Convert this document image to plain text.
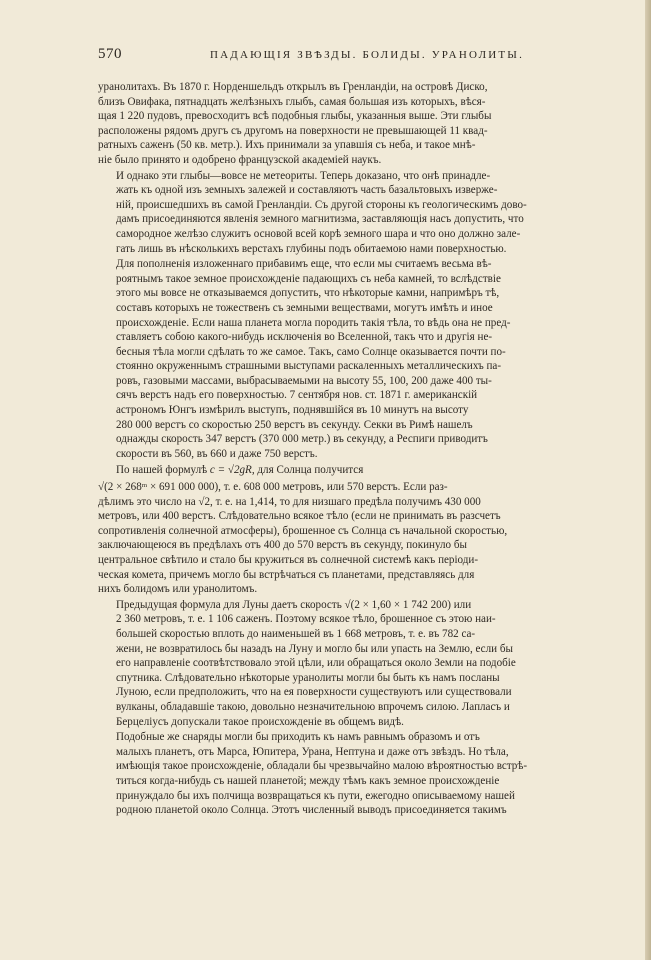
570	ПАДАЮЩІЯ ЗВѢЗДЫ. БОЛИДЫ. УРАНОЛИТЫ.
уранолитахъ. Въ 1870 г. Норденшельдъ открылъ въ Гренландіи, на островѣ Диско,
близъ Овифака, пятнадцать желѣзныхъ глыбъ, самая большая изъ которыхъ, вѣся-
щая 1 220 пудовъ, превосходитъ всѣ подобныя глыбы, указанныя выше. Эти глыбы
расположены рядомъ другъ съ другомъ на поверхности не превышающей 11 квад-
ратныхъ саженъ (50 кв. метр.). Ихъ принимали за упавшія съ неба, и такое мнѣ-
ніе было принято и одобрено французской академіей наукъ.
И однако эти глыбы—вовсе не метеориты. Теперь доказано, что онѣ принадле-
жать къ одной изъ земныхъ залежей и составляютъ часть базальтовыхъ изверже-
ній, происшедшихъ въ самой Гренландіи. Съ другой стороны къ геологическимъ дово-
дамъ присоединяются явленія земного магнитизма, заставляющія насъ допустить, что
самородное желѣзо служитъ основой всей корѣ земного шара и что оно должно зале-
гать лишь въ нѣсколькихъ верстахъ глубины подъ обитаемою нами поверхностью.
Для пополненія изложеннаго прибавимъ еще, что если мы считаемъ весьма вѣ-
роятнымъ такое земное происхожденіе падающихъ съ неба камней, то вслѣдствіе
этого мы вовсе не отказываемся допустить, что нѣкоторые камни, напримѣръ тѣ,
составъ которыхъ не тожественъ съ земными веществами, могутъ имѣть и иное
происхожденіе. Если наша планета могла породить такія тѣла, то вѣдь она не пред-
ставляетъ собою какого-нибудь исключенія во Вселенной, такъ что и другія не-
бесныя тѣла могли сдѣлать то же самое. Такъ, само Солнце оказывается почти по-
стоянно окруженнымъ страшными выступами раскаленныхъ металлическихъ па-
ровъ, газовыми массами, выбрасываемыми на высоту 55, 100, 200 даже 400 ты-
сячъ верстъ надъ его поверхностью. 7 сентября нов. ст. 1871 г. американскій
астрономъ Юнгъ измѣрилъ выступъ, поднявшійся въ 10 минутъ на высоту
280 000 верстъ со скоростью 250 верстъ въ секунду. Секки въ Римѣ нашелъ
однажды скорость 347 верстъ (370 000 метр.) въ секунду, а Респиги приводитъ
скорости въ 560, въ 660 и даже 750 верстъ.
По нашей формулѣ c = √2gR, для Солнца получится
√(2 × 268ᵐ × 691 000 000), т. е. 608 000 метровъ, или 570 верстъ. Если раз-
дѣлимъ это число на √2, т. е. на 1,414, то для низшаго предѣла получимъ 430 000
метровъ, или 400 верстъ. Слѣдовательно всякое тѣло (если не принимать въ разсчетъ
сопротивленія солнечной атмосферы), брошенное съ Солнца съ начальной скоростью,
заключающеюся въ предѣлахъ отъ 400 до 570 верстъ въ секунду, покинуло бы
центральное свѣтило и стало бы кружиться въ солнечной системѣ какъ періоди-
ческая комета, причемъ могло бы встрѣчаться съ планетами, представляясь для
нихъ болидомъ или уранолитомъ.
Предыдущая формула для Луны даетъ скорость √(2 × 1,60 × 1 742 200) или
2 360 метровъ, т. е. 1 106 саженъ. Поэтому всякое тѣло, брошенное съ этою наи-
большей скоростью вплоть до наименьшей въ 1 668 метровъ, т. е. въ 782 са-
жени, не возвратилось бы назадъ на Луну и могло бы или упасть на Землю, если бы
его направленіе соотвѣтствовало этой цѣли, или обращаться около Земли на подобіе
спутника. Слѣдовательно нѣкоторые уранолиты могли бы быть къ намъ посланы
Луною, если предположить, что на ея поверхности существуютъ или существовали
вулканы, обладавшіе такою, довольно незначительною впрочемъ силою. Лапласъ и
Берцеліусъ допускали такое происхожденіе въ общемъ видѣ.
Подобные же снаряды могли бы приходить къ намъ равнымъ образомъ и отъ
малыхъ планетъ, отъ Марса, Юпитера, Урана, Нептуна и даже отъ звѣздъ. Но тѣла,
имѣющія такое происхожденіе, обладали бы чрезвычайно малою вѣроятностью встрѣ-
титься когда-нибудь съ нашей планетой; между тѣмъ какъ земное происхожденіе
принуждало бы ихъ полчища возвращаться къ пути, ежегодно описываемому нашей
родною планетой около Солнца. Этотъ численный выводъ присоединяется такимъ
